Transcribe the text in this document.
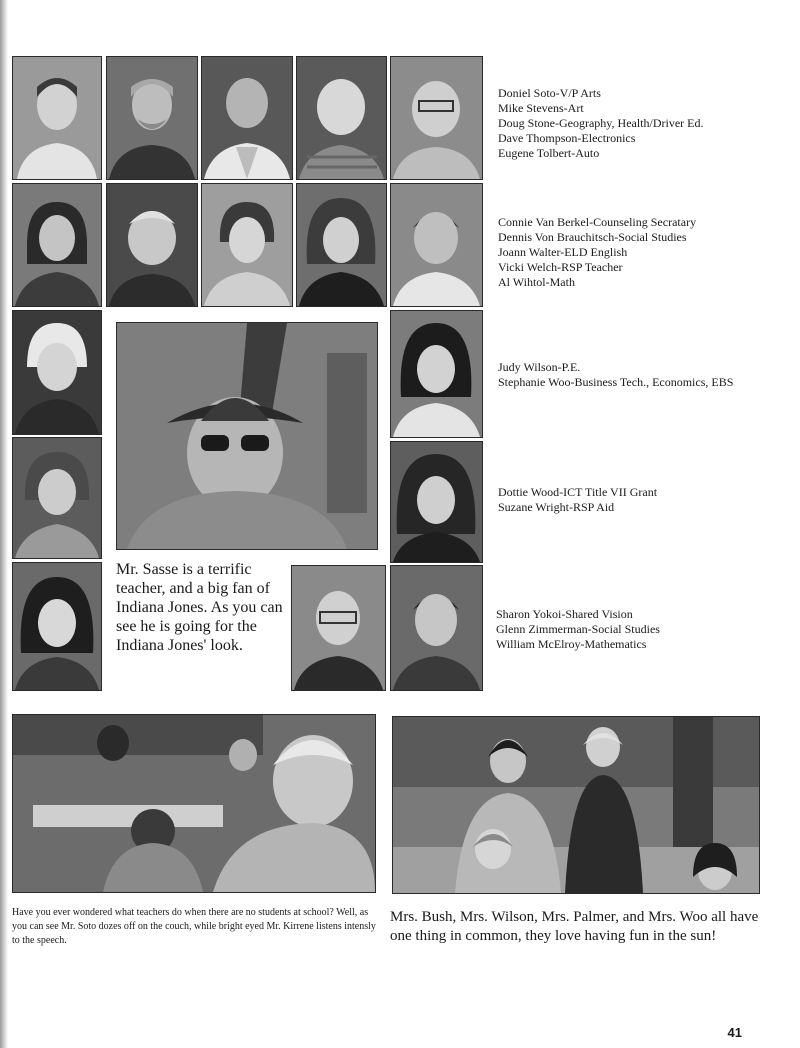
Doniel Soto-V/P Arts
Mike Stevens-Art
Doug Stone-Geography, Health/Driver Ed.
Dave Thompson-Electronics
Eugene Tolbert-Auto
Connie Van Berkel-Counseling Secratary
Dennis Von Brauchitsch-Social Studies
Joann Walter-ELD English
Vicki Welch-RSP Teacher
Al Wihtol-Math
Judy Wilson-P.E.
Stephanie Woo-Business Tech., Economics, EBS
Dottie Wood-ICT Title VII Grant
Suzane Wright-RSP Aid
Mr. Sasse is a terrific teacher, and a big fan of Indiana Jones. As you can see he is going for the Indiana Jones' look.
Sharon Yokoi-Shared Vision
Glenn Zimmerman-Social Studies
William McElroy-Mathematics
Have you ever wondered what teachers do when there are no students at school? Well, as you can see Mr. Soto dozes off on the couch, while bright eyed Mr. Kirrene listens intensly to the speech.
Mrs. Bush, Mrs. Wilson, Mrs. Palmer, and Mrs. Woo all have one thing in common, they love having fun in the sun!
41
